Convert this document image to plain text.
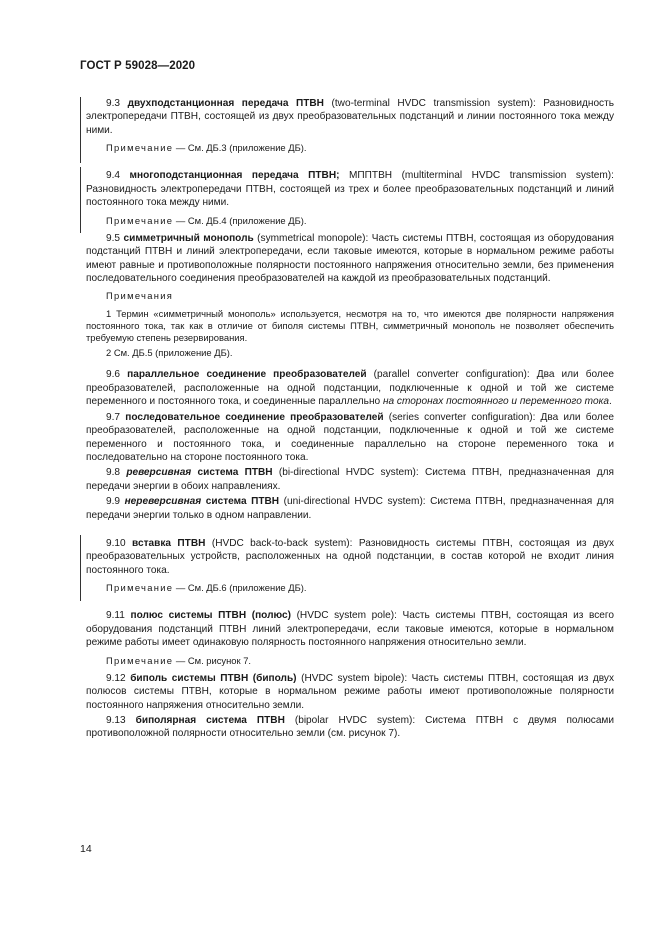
ГОСТ Р 59028—2020

9.3 двухподстанционная передача ПТВН (two-terminal HVDC transmission system): Разновидность электропередачи ПТВН, состоящей из двух преобразовательных подстанций и линии постоянного тока между ними.

Примечание — См. ДБ.3 (приложение ДБ).

9.4 многоподстанционная передача ПТВН; МППТВН (multiterminal HVDC transmission system): Разновидность электропередачи ПТВН, состоящей из трех и более преобразовательных подстанций и линий постоянного тока между ними.

Примечание — См. ДБ.4 (приложение ДБ).

9.5 симметричный монополь (symmetrical monopole): Часть системы ПТВН, состоящая из оборудования подстанций ПТВН и линий электропередачи, если таковые имеются, которые в нормальном режиме работы имеют равные и противоположные полярности постоянного напряжения относительно земли, без применения последовательного соединения преобразователей на каждой из преобразовательных подстанций.

Примечания

1 Термин «симметричный монополь» используется, несмотря на то, что имеются две полярности напряжения постоянного тока, так как в отличие от биполя системы ПТВН, симметричный монополь не позволяет обеспечить требуемую степень резервирования.

2 См. ДБ.5 (приложение ДБ).

9.6 параллельное соединение преобразователей (parallel converter configuration): Два или более преобразователей, расположенные на одной подстанции, подключенные к одной и той же системе переменного и постоянного тока, и соединенные параллельно на сторонах постоянного и переменного тока.

9.7 последовательное соединение преобразователей (series converter configuration): Два или более преобразователей, расположенные на одной подстанции, подключенные к одной и той же системе переменного и постоянного тока, и соединенные параллельно на стороне переменного тока и последовательно на стороне постоянного тока.

9.8 реверсивная система ПТВН (bi-directional HVDC system): Система ПТВН, предназначенная для передачи энергии в обоих направлениях.

9.9 нереверсивная система ПТВН (uni-directional HVDC system): Система ПТВН, предназначенная для передачи энергии только в одном направлении.

9.10 вставка ПТВН (HVDC back-to-back system): Разновидность системы ПТВН, состоящая из двух преобразовательных устройств, расположенных на одной подстанции, в состав которой не входит линия постоянного тока.

Примечание — См. ДБ.6 (приложение ДБ).

9.11 полюс системы ПТВН (полюс) (HVDC system pole): Часть системы ПТВН, состоящая из всего оборудования подстанций ПТВН линий электропередачи, если таковые имеются, которые в нормальном режиме работы имеет одинаковую полярность постоянного напряжения относительно земли.

Примечание — См. рисунок 7.

9.12 биполь системы ПТВН (биполь) (HVDC system bipole): Часть системы ПТВН, состоящая из двух полюсов системы ПТВН, которые в нормальном режиме работы имеют противоположные полярности постоянного напряжения относительно земли.

9.13 биполярная система ПТВН (bipolar HVDC system): Система ПТВН с двумя полюсами противоположной полярности относительно земли (см. рисунок 7).

14
